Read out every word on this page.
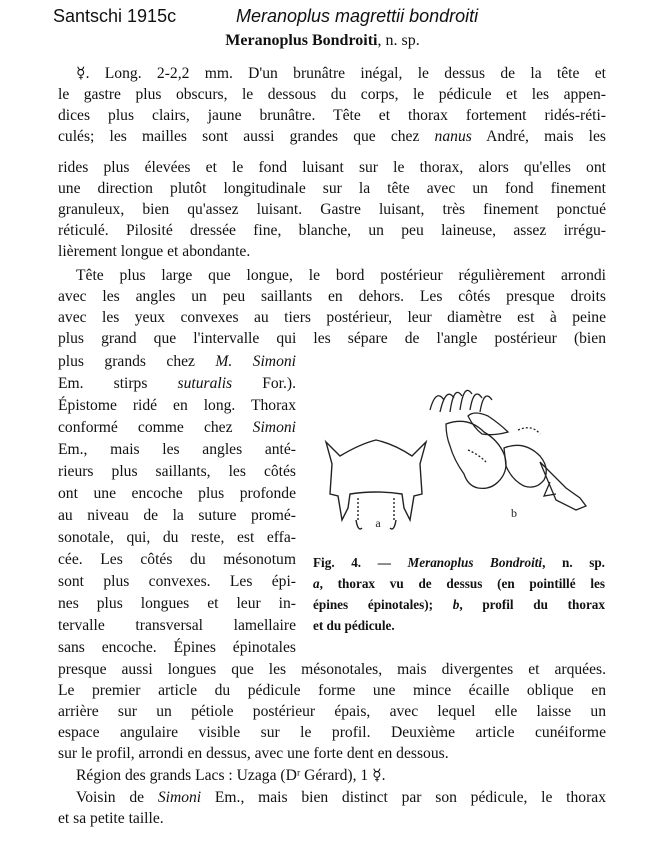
Santschi 1915c	Meranoplus magrettii bondroiti
Meranoplus Bondroiti, n. sp.
☿. Long. 2-2,2 mm. D'un brunâtre inégal, le dessus de la tête et
le gastre plus obscurs, le dessous du corps, le pédicule et les appen-
dices plus clairs, jaune brunâtre. Tête et thorax fortement ridés-réti-
culés; les mailles sont aussi grandes que chez nanus André, mais les
rides plus élevées et le fond luisant sur le thorax, alors qu'elles ont
une direction plutôt longitudinale sur la tête avec un fond finement
granuleux, bien qu'assez luisant. Gastre luisant, très finement ponctué
réticulé. Pilosité dressée fine, blanche, un peu laineuse, assez irrégu-
lièrement longue et abondante.
Tête plus large que longue, le bord postérieur régulièrement arrondi
avec les angles un peu saillants en dehors. Les côtés presque droits
avec les yeux convexes au tiers postérieur, leur diamètre est à peine
plus grand que l'intervalle qui les sépare de l'angle postérieur (bien
plus grands chez M. Simoni
Em. stirps suturalis For.).
Épistome ridé en long. Thorax
conformé comme chez Simoni
Em., mais les angles anté-
rieurs plus saillants, les côtés
ont une encoche plus profonde
au niveau de la suture promé-
sonotale, qui, du reste, est effa-
cée. Les côtés du mésonotum
sont plus convexes. Les épi-
nes plus longues et leur in-
tervalle transversal lamellaire
sans encoche. Épines épinotales
a
b
Fig. 4. — Meranoplus Bondroiti, n. sp.
a, thorax vu de dessus (en pointillé les
épines épinotales); b, profil du thorax
et du pédicule.
presque aussi longues que les mésonotales, mais divergentes et arquées.
Le premier article du pédicule forme une mince écaille oblique en
arrière sur un pétiole postérieur épais, avec lequel elle laisse un
espace angulaire visible sur le profil. Deuxième article cunéiforme
sur le profil, arrondi en dessus, avec une forte dent en dessous.
Région des grands Lacs : Uzaga (Dʳ Gérard), 1 ☿.
Voisin de Simoni Em., mais bien distinct par son pédicule, le thorax
et sa petite taille.
